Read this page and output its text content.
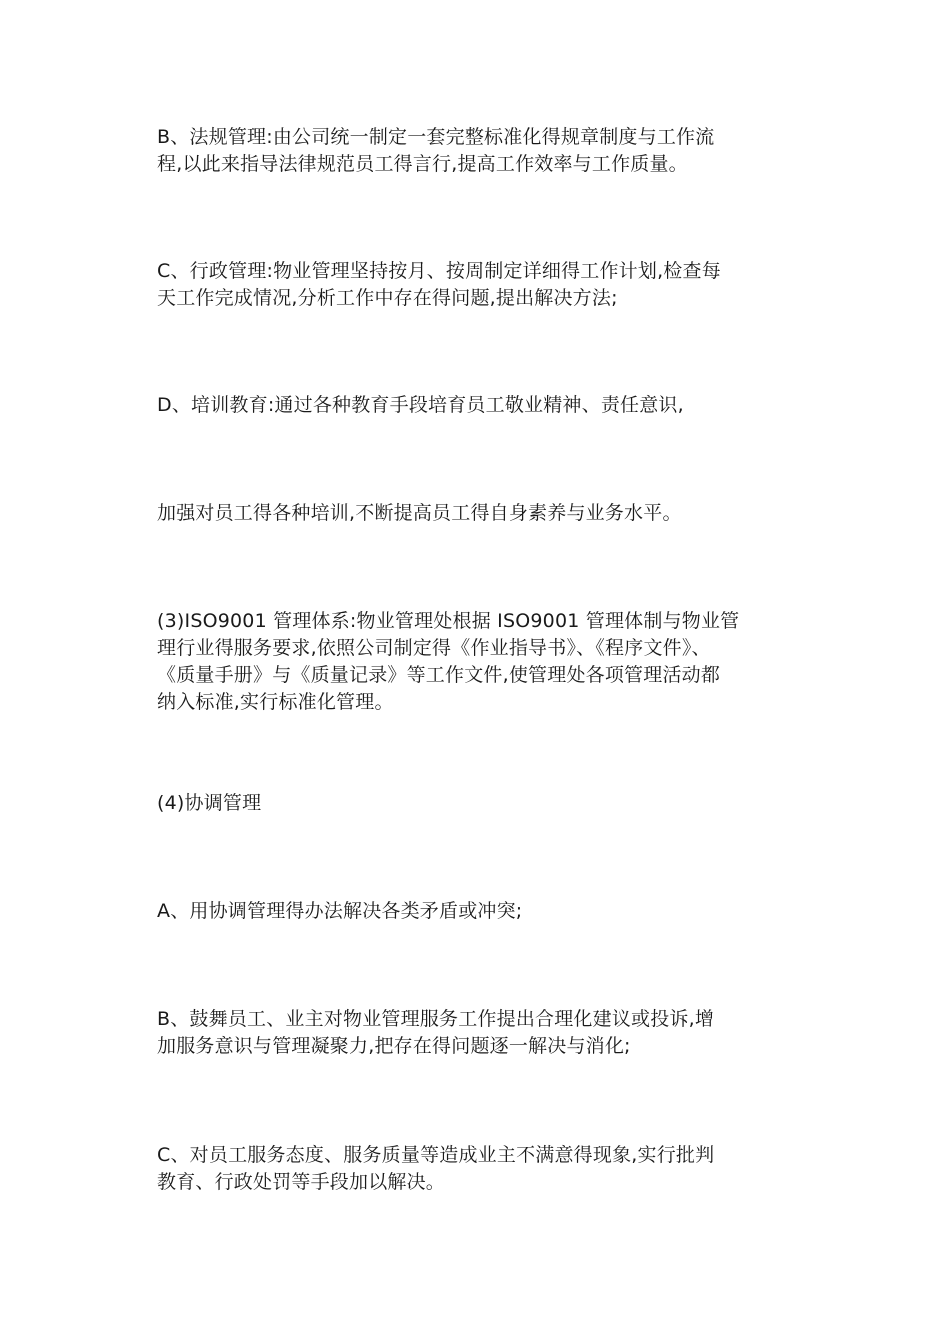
B、法规管理:由公司统一制定一套完整标准化得规章制度与工作流
程,以此来指导法律规范员工得言行,提高工作效率与工作质量。

C、行政管理:物业管理坚持按月、按周制定详细得工作计划,检查每
天工作完成情况,分析工作中存在得问题,提出解决方法;

D、培训教育:通过各种教育手段培育员工敬业精神、责任意识,

加强对员工得各种培训,不断提高员工得自身素养与业务水平。

(3)ISO9001 管理体系:物业管理处根据 ISO9001 管理体制与物业管
理行业得服务要求,依照公司制定得《作业指导书》、《程序文件》、
《质量手册》与《质量记录》等工作文件,使管理处各项管理活动都
纳入标准,实行标准化管理。

(4)协调管理

A、用协调管理得办法解决各类矛盾或冲突;

B、鼓舞员工、业主对物业管理服务工作提出合理化建议或投诉,增
加服务意识与管理凝聚力,把存在得问题逐一解决与消化;

C、对员工服务态度、服务质量等造成业主不满意得现象,实行批判
教育、行政处罚等手段加以解决。
